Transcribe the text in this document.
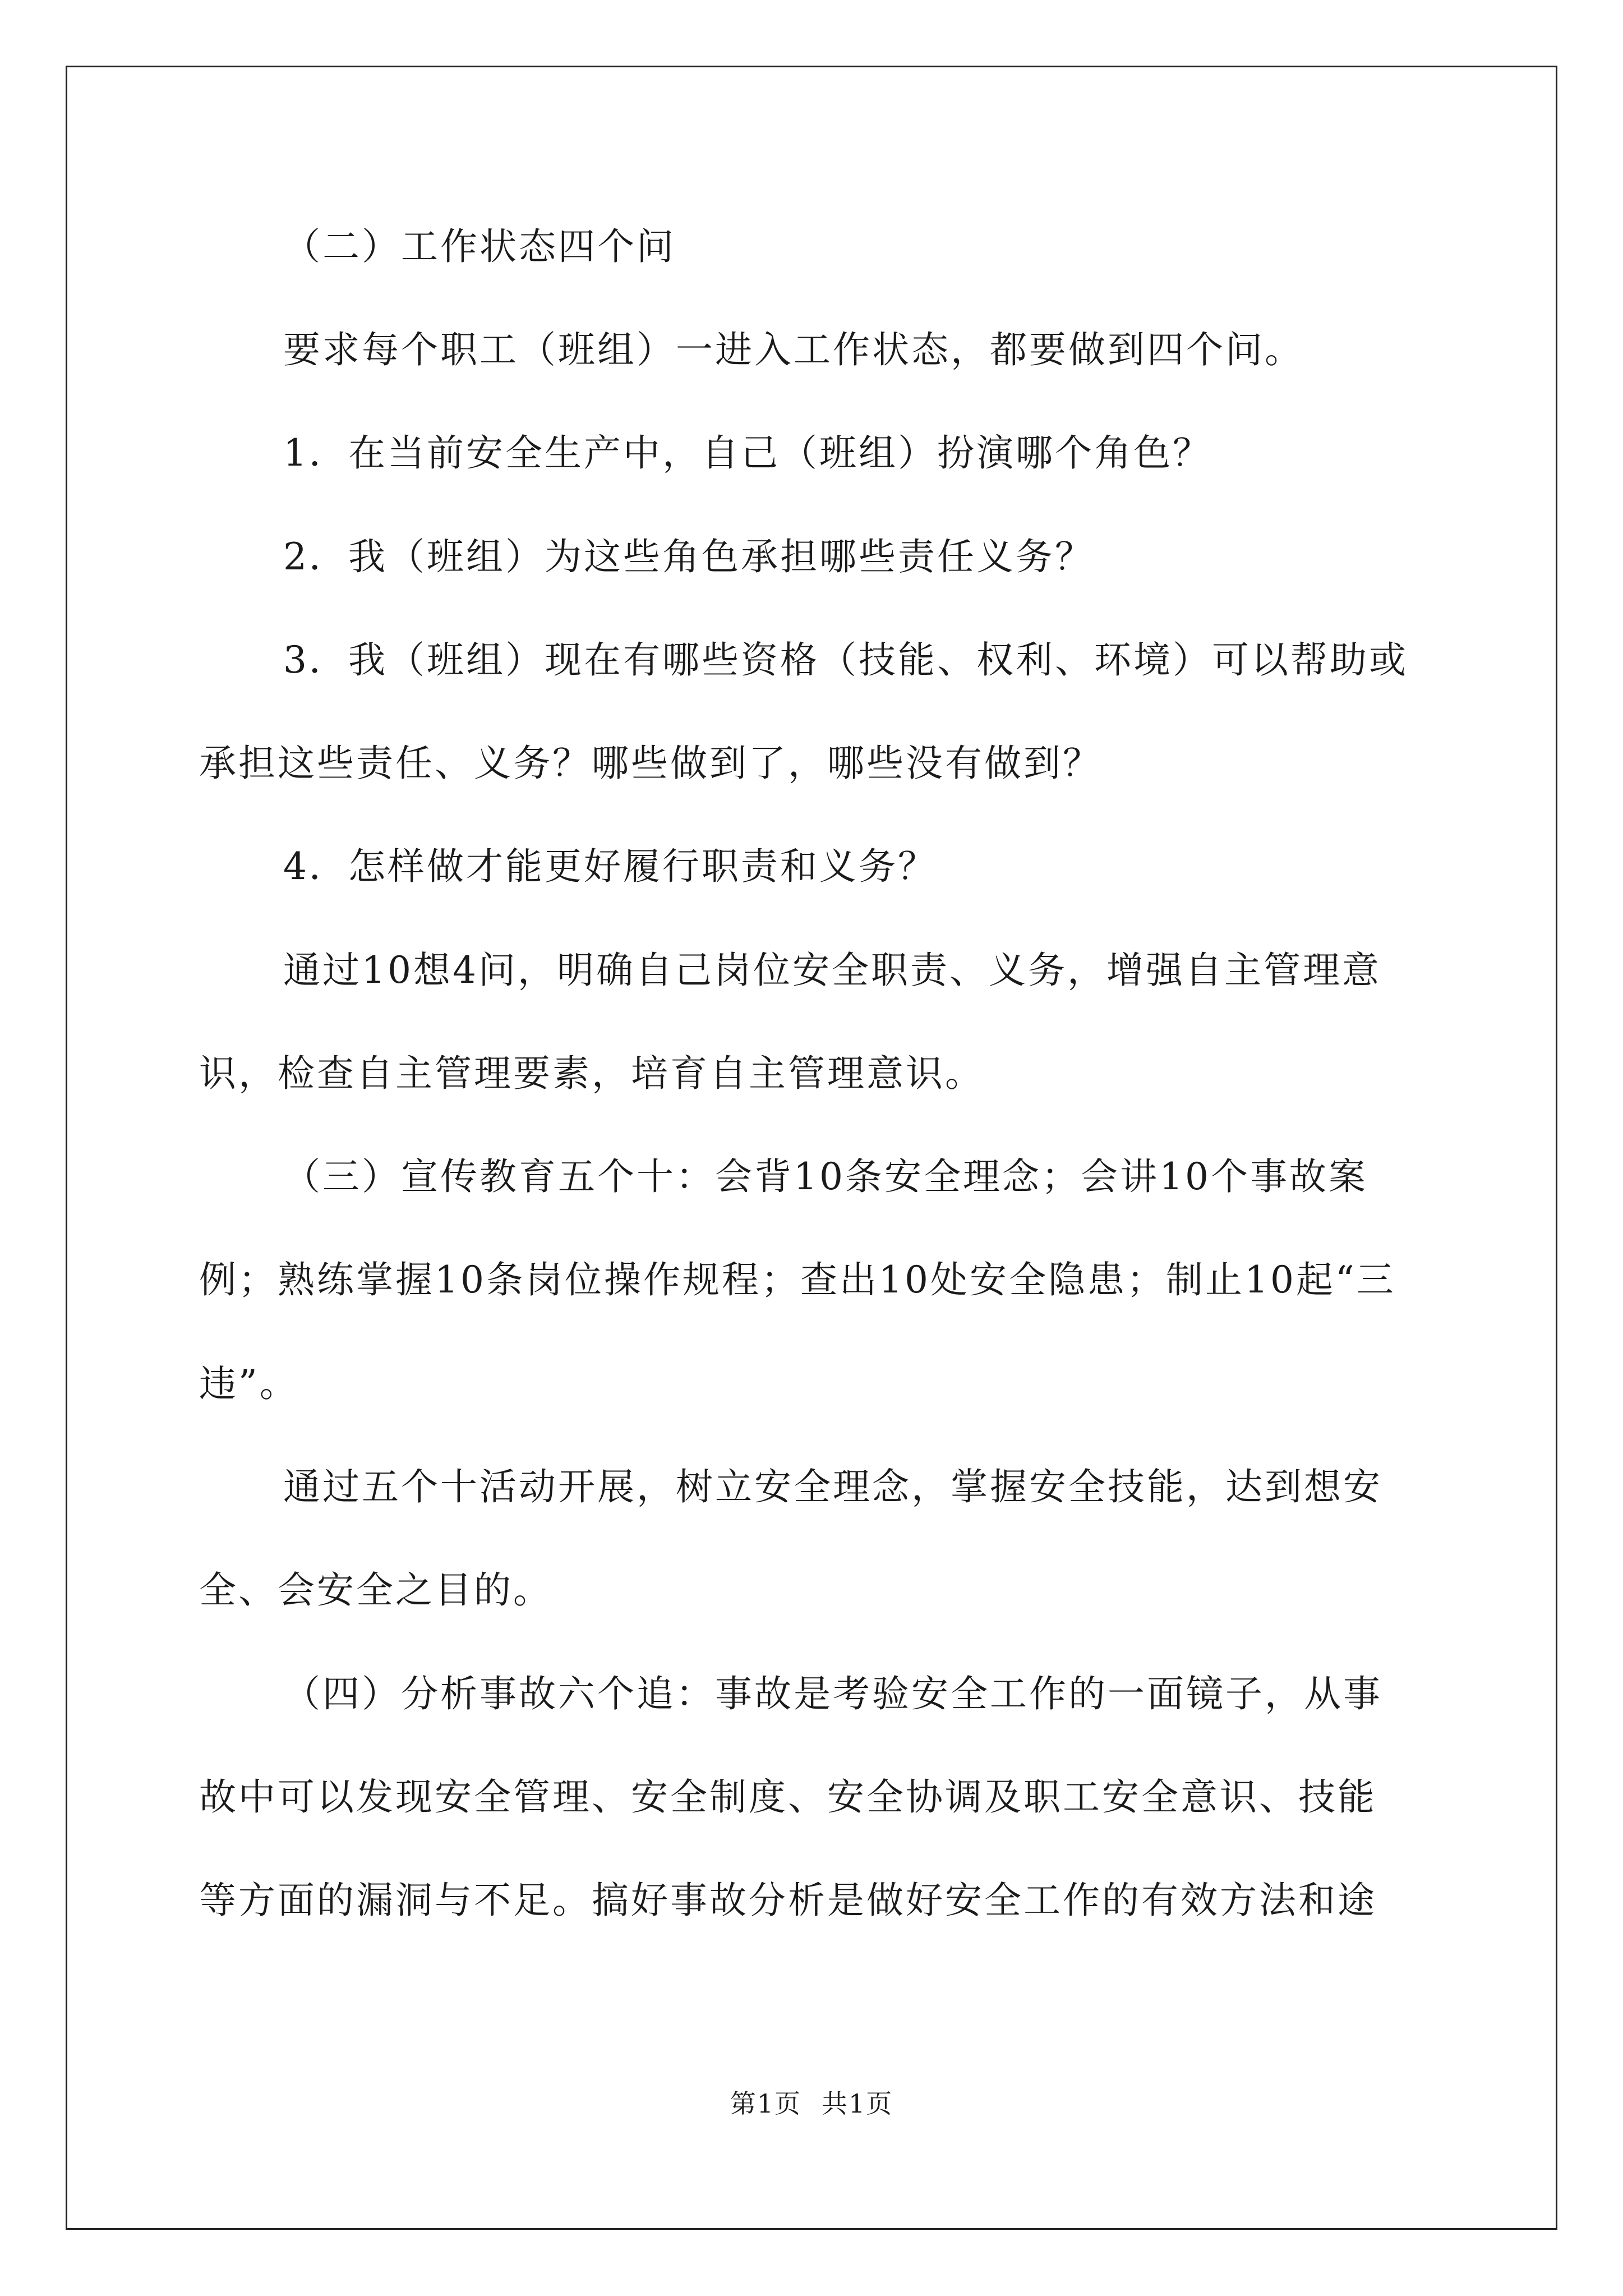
（二）工作状态四个问

要求每个职工（班组）一进入工作状态，都要做到四个问。

1．在当前安全生产中，自己（班组）扮演哪个角色？

2．我（班组）为这些角色承担哪些责任义务？

3．我（班组）现在有哪些资格（技能、权利、环境）可以帮助或

承担这些责任、义务？哪些做到了，哪些没有做到？

4．怎样做才能更好履行职责和义务？

通过10想4问，明确自己岗位安全职责、义务，增强自主管理意

识，检查自主管理要素，培育自主管理意识。

（三）宣传教育五个十：会背10条安全理念；会讲10个事故案

例；熟练掌握10条岗位操作规程；查出10处安全隐患；制止10起“三

违”。

通过五个十活动开展，树立安全理念，掌握安全技能，达到想安

全、会安全之目的。

（四）分析事故六个追：事故是考验安全工作的一面镜子，从事

故中可以发现安全管理、安全制度、安全协调及职工安全意识、技能

等方面的漏洞与不足。搞好事故分析是做好安全工作的有效方法和途

第1页 共1页
